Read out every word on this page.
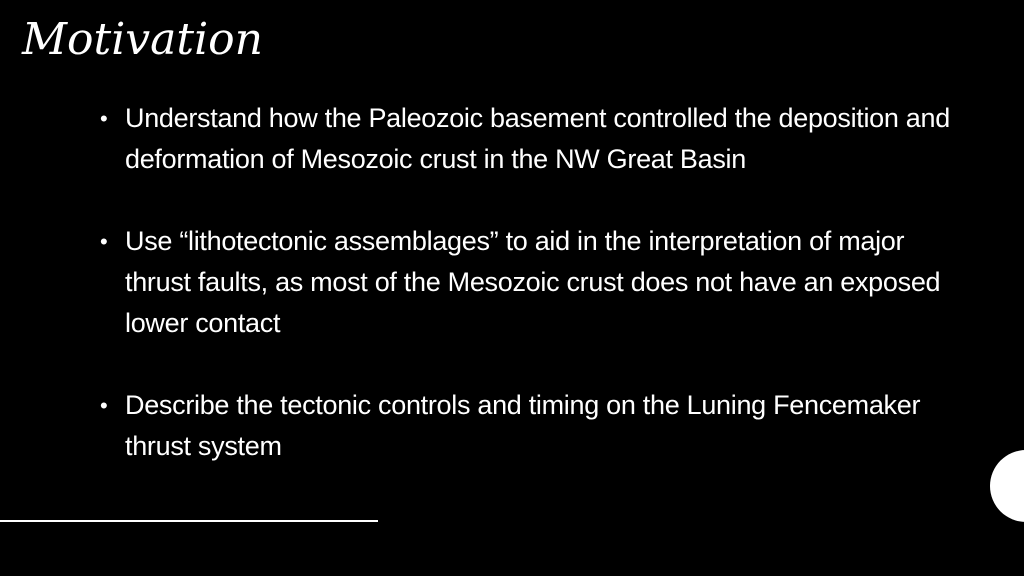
Motivation
• Understand how the Paleozoic basement controlled the deposition and deformation of Mesozoic crust in the NW Great Basin
• Use “lithotectonic assemblages” to aid in the interpretation of major thrust faults, as most of the Mesozoic crust does not have an exposed lower contact
• Describe the tectonic controls and timing on the Luning Fencemaker thrust system
